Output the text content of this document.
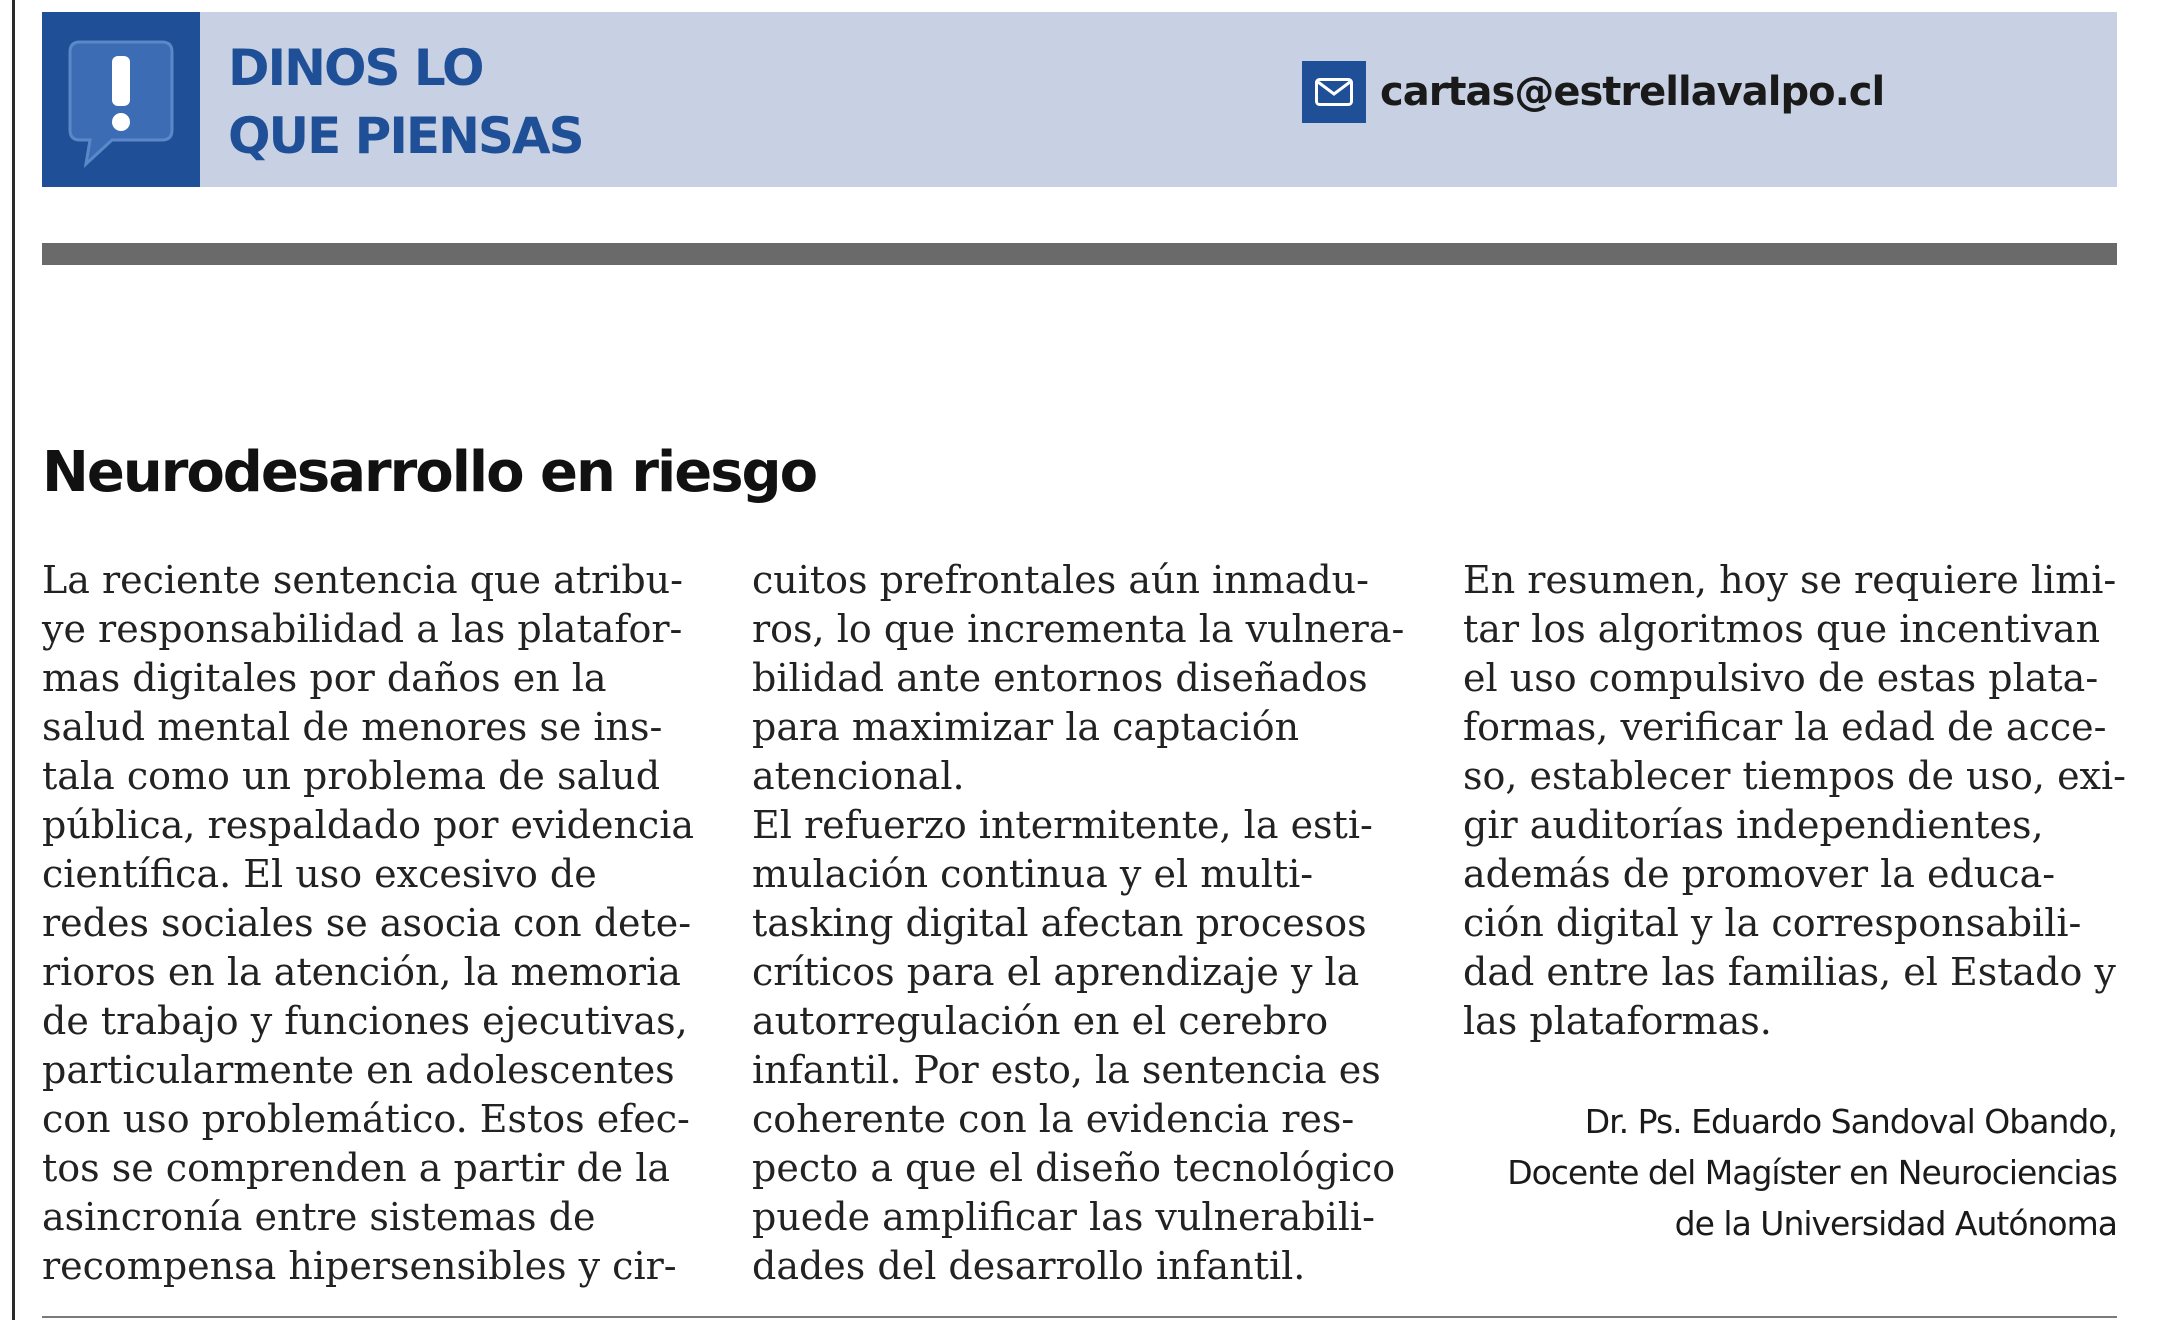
DINOS LO
QUE PIENSAS
cartas@estrellavalpo.cl
Neurodesarrollo en riesgo
La reciente sentencia que atribu-
ye responsabilidad a las platafor-
mas digitales por daños en la
salud mental de menores se ins-
tala como un problema de salud
pública, respaldado por evidencia
científica. El uso excesivo de
redes sociales se asocia con dete-
rioros en la atención, la memoria
de trabajo y funciones ejecutivas,
particularmente en adolescentes
con uso problemático. Estos efec-
tos se comprenden a partir de la
asincronía entre sistemas de
recompensa hipersensibles y cir-
cuitos prefrontales aún inmadu-
ros, lo que incrementa la vulnera-
bilidad ante entornos diseñados
para maximizar la captación
atencional.
El refuerzo intermitente, la esti-
mulación continua y el multi-
tasking digital afectan procesos
críticos para el aprendizaje y la
autorregulación en el cerebro
infantil. Por esto, la sentencia es
coherente con la evidencia res-
pecto a que el diseño tecnológico
puede amplificar las vulnerabili-
dades del desarrollo infantil.
En resumen, hoy se requiere limi-
tar los algoritmos que incentivan
el uso compulsivo de estas plata-
formas, verificar la edad de acce-
so, establecer tiempos de uso, exi-
gir auditorías independientes,
además de promover la educa-
ción digital y la corresponsabili-
dad entre las familias, el Estado y
las plataformas.
Dr. Ps. Eduardo Sandoval Obando,
Docente del Magíster en Neurociencias
de la Universidad Autónoma
